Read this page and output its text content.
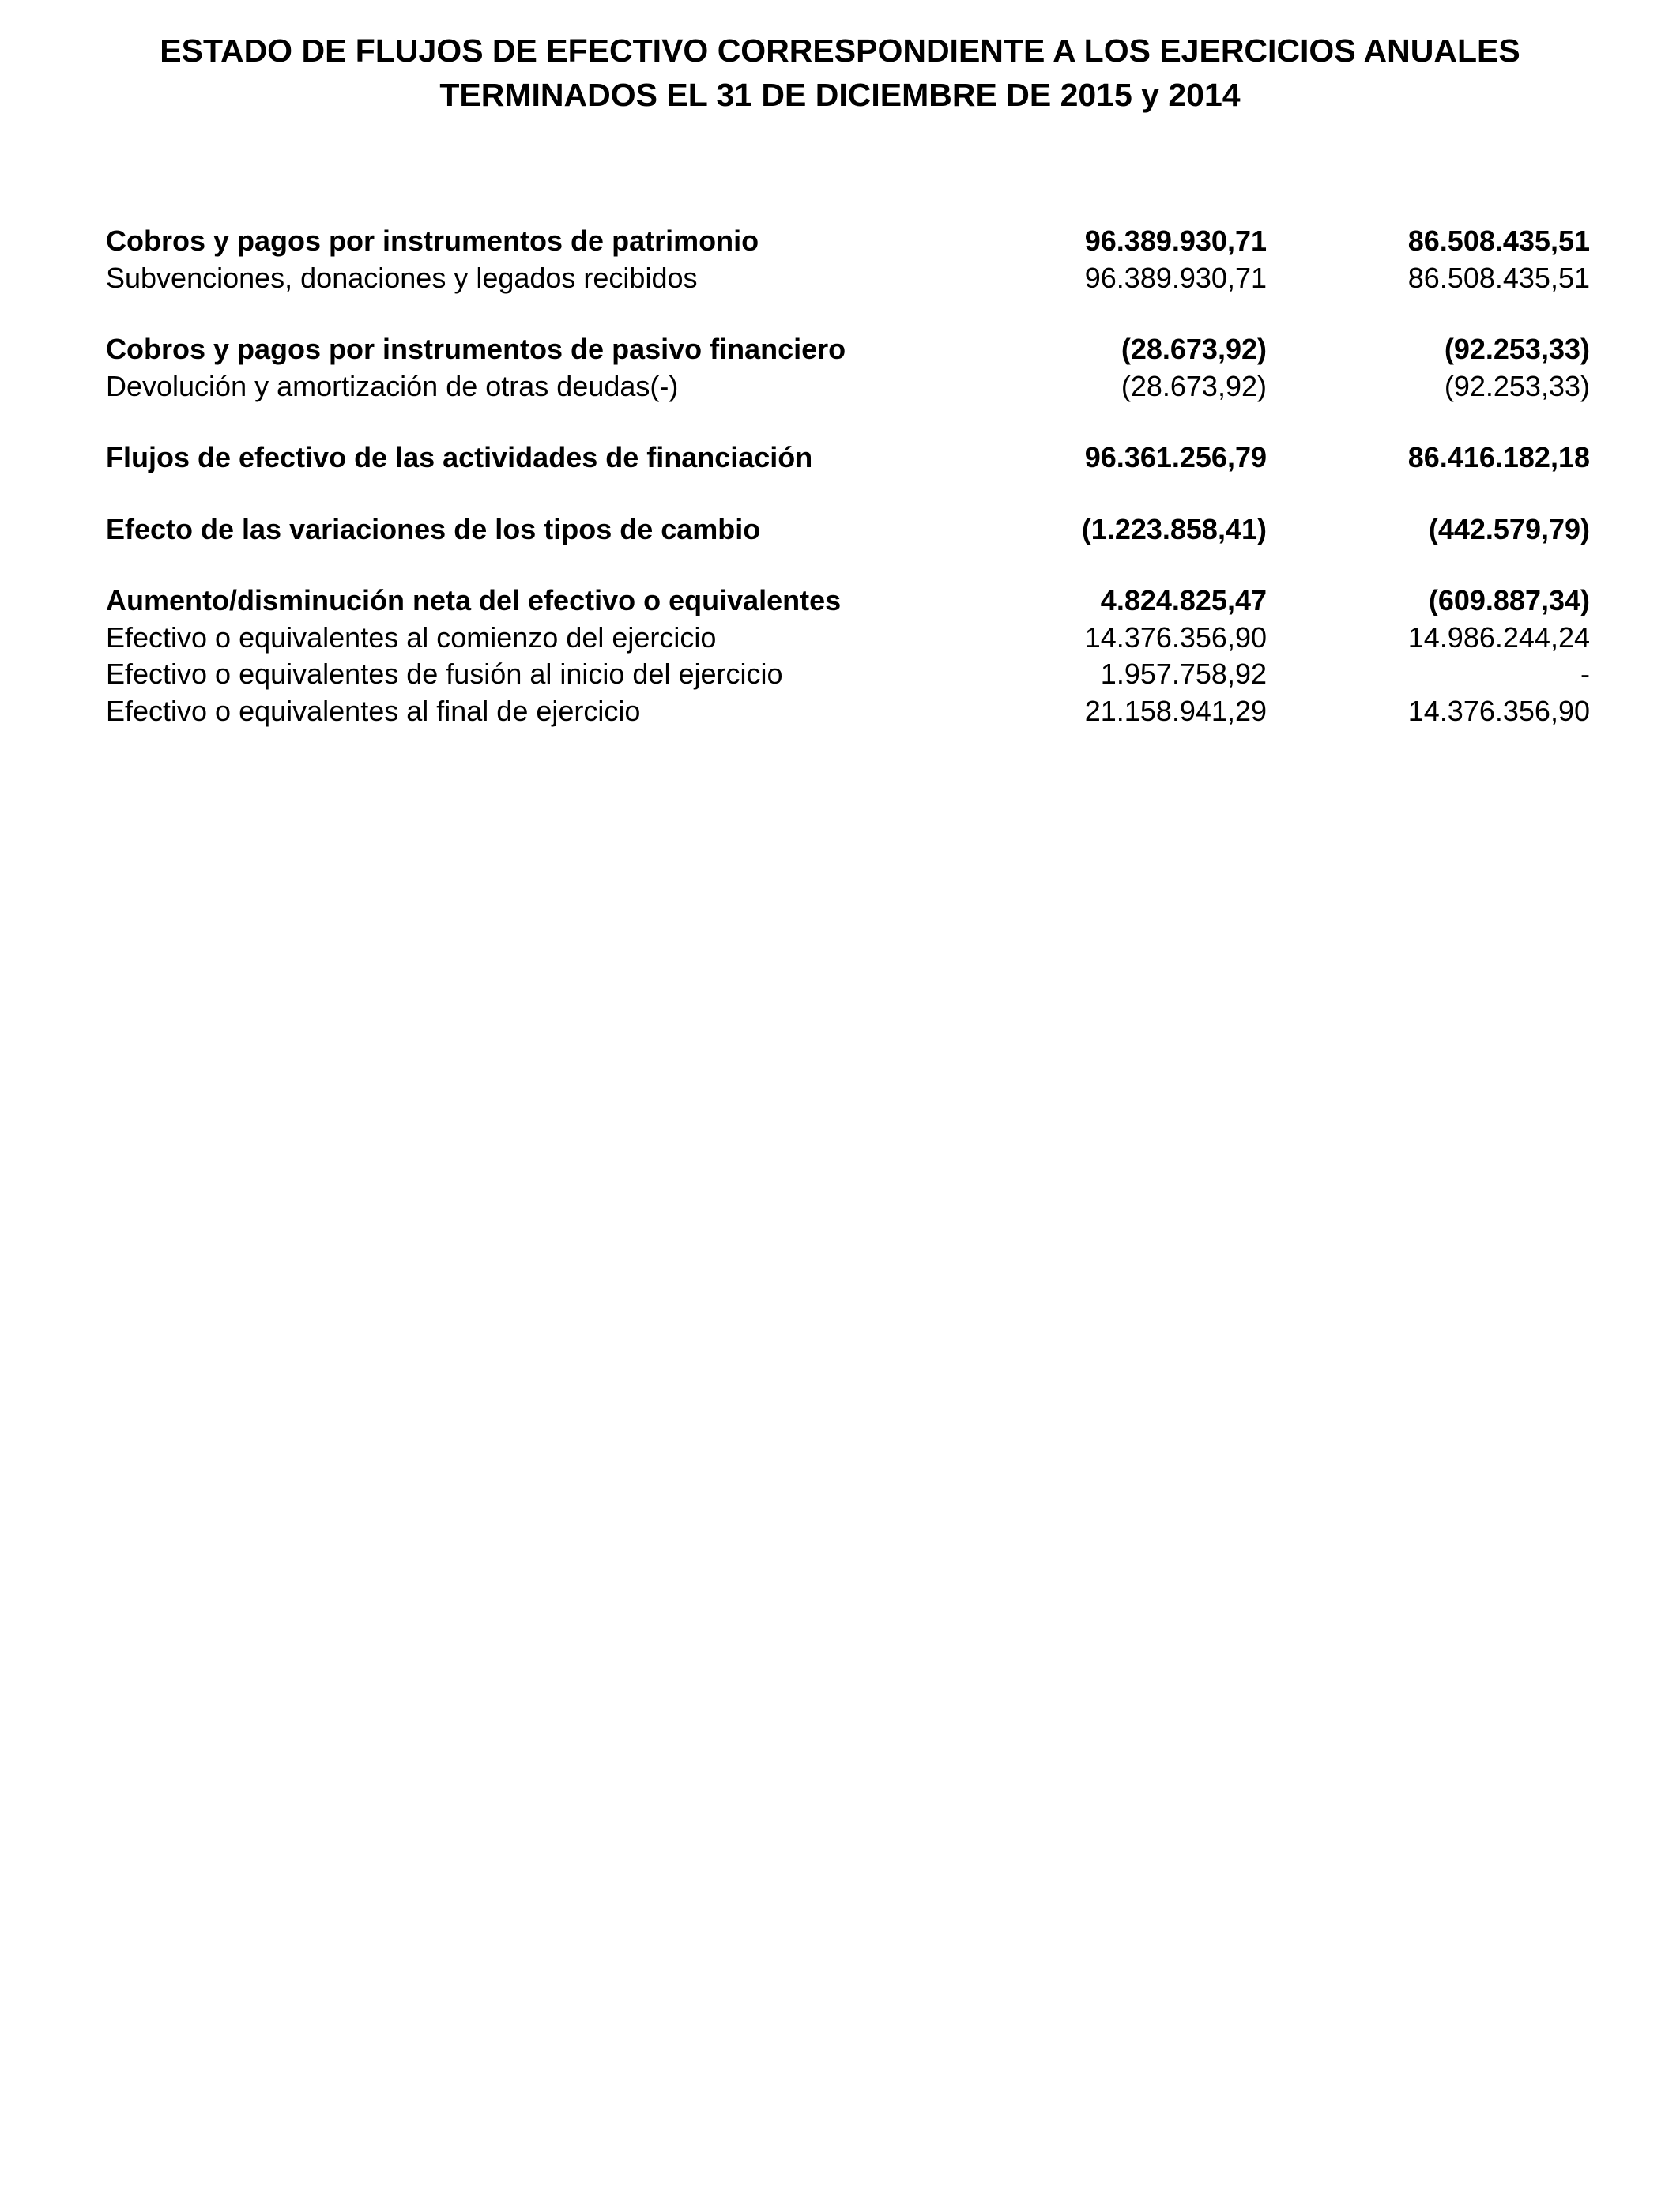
ESTADO DE FLUJOS DE EFECTIVO CORRESPONDIENTE A LOS EJERCICIOS ANUALES
TERMINADOS EL 31 DE DICIEMBRE DE 2015 y 2014
Cobros y pagos por instrumentos de patrimonio	96.389.930,71	86.508.435,51
Subvenciones, donaciones y legados recibidos	96.389.930,71	86.508.435,51
Cobros y pagos por instrumentos de pasivo financiero	(28.673,92)	(92.253,33)
Devolución y amortización de otras deudas(-)	(28.673,92)	(92.253,33)
Flujos de efectivo de las actividades de financiación	96.361.256,79	86.416.182,18
Efecto de las variaciones de los tipos de cambio	(1.223.858,41)	(442.579,79)
Aumento/disminución neta del efectivo o equivalentes	4.824.825,47	(609.887,34)
Efectivo o equivalentes al comienzo del ejercicio	14.376.356,90	14.986.244,24
Efectivo o equivalentes de fusión al inicio del ejercicio	1.957.758,92	-
Efectivo o equivalentes al final de ejercicio	21.158.941,29	14.376.356,90
